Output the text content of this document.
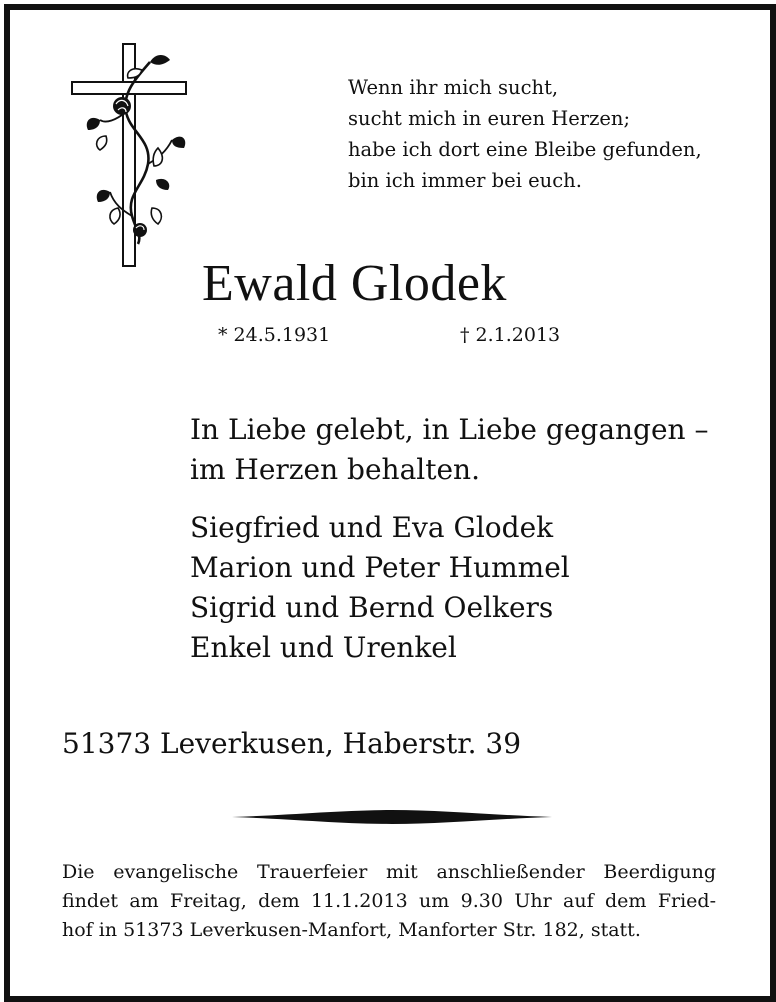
Wenn ihr mich sucht,
sucht mich in euren Herzen;
habe ich dort eine Bleibe gefunden,
bin ich immer bei euch.
Ewald Glodek
* 24.5.1931	† 2.1.2013
In Liebe gelebt, in Liebe gegangen –
im Herzen behalten.
Siegfried und Eva Glodek
Marion und Peter Hummel
Sigrid und Bernd Oelkers
Enkel und Urenkel
51373 Leverkusen, Haberstr. 39
Die evangelische Trauerfeier mit anschließender Beerdigung
findet am Freitag, dem 11.1.2013 um 9.30 Uhr auf dem Fried-
hof in 51373 Leverkusen-Manfort, Manforter Str. 182, statt.
